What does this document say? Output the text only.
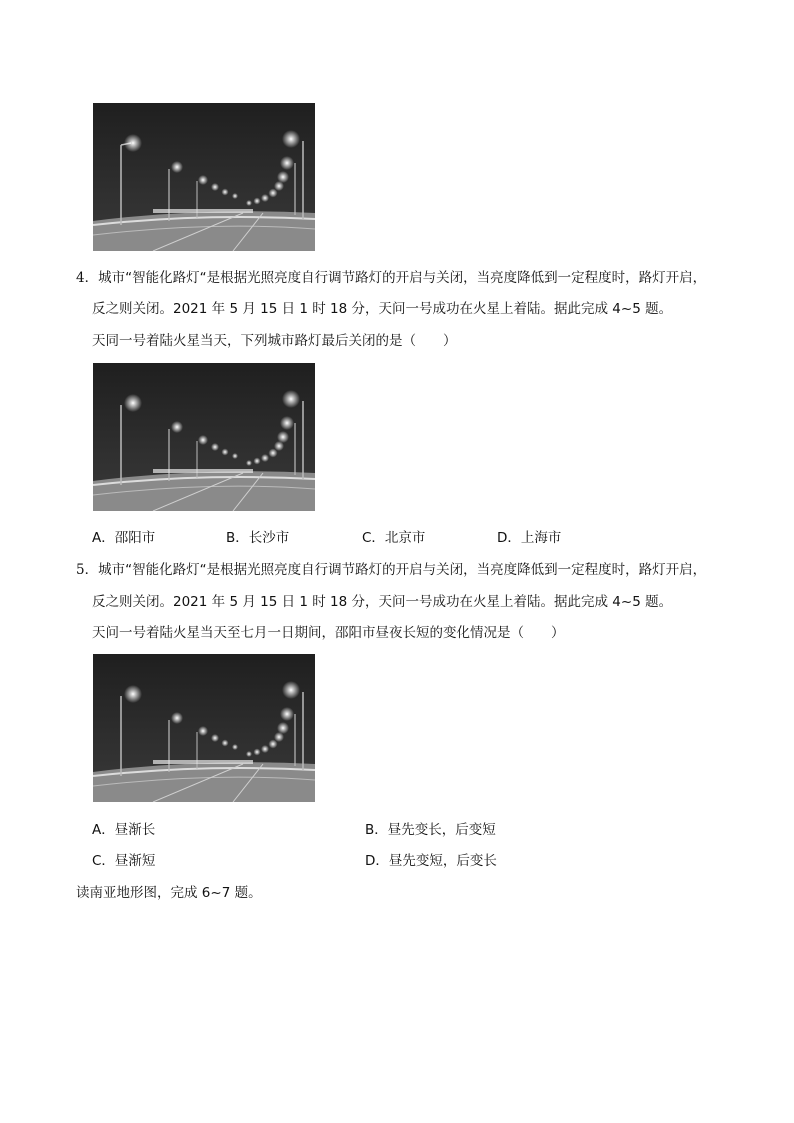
4．城市“智能化路灯“是根据光照亮度自行调节路灯的开启与关闭，当亮度降低到一定程度时，路灯开启，
反之则关闭。2021 年 5 月 15 日 1 时 18 分，天问一号成功在火星上着陆。据此完成 4~5 题。
天同一号着陆火星当天，下列城市路灯最后关闭的是（　　）
A．邵阳市	B．长沙市	C．北京市	D．上海市
5．城市“智能化路灯“是根据光照亮度自行调节路灯的开启与关闭，当亮度降低到一定程度时，路灯开启，
反之则关闭。2021 年 5 月 15 日 1 时 18 分，天问一号成功在火星上着陆。据此完成 4~5 题。
天问一号着陆火星当天至七月一日期间，邵阳市昼夜长短的变化情况是（　　）
A．昼渐长	B．昼先变长，后变短
C．昼渐短	D．昼先变短，后变长
读南亚地形图，完成 6~7 题。
